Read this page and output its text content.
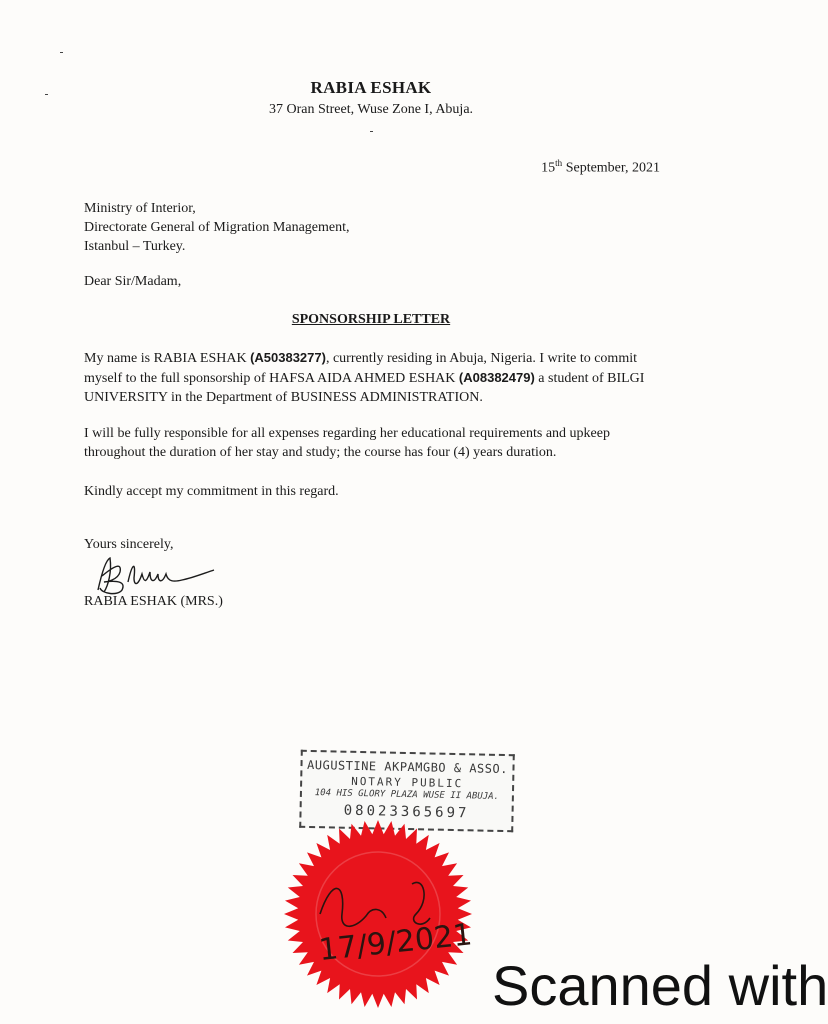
RABIA ESHAK
37 Oran Street, Wuse Zone I, Abuja.
15th September, 2021
Ministry of Interior,
Directorate General of Migration Management,
Istanbul – Turkey.
Dear Sir/Madam,
SPONSORSHIP LETTER
My name is RABIA ESHAK (A50383277), currently residing in Abuja, Nigeria. I write to commit myself to the full sponsorship of HAFSA AIDA AHMED ESHAK (A08382479) a student of BILGI UNIVERSITY in the Department of BUSINESS ADMINISTRATION.
I will be fully responsible for all expenses regarding her educational requirements and upkeep throughout the duration of her stay and study; the course has four (4) years duration.
Kindly accept my commitment in this regard.
Yours sincerely,
RABIA ESHAK (MRS.)
AUGUSTINE AKPAMGBO & ASSO.
NOTARY PUBLIC
104 HIS GLORY PLAZA WUSE II ABUJA.
08023365697
17/9/2021
Scanned with
